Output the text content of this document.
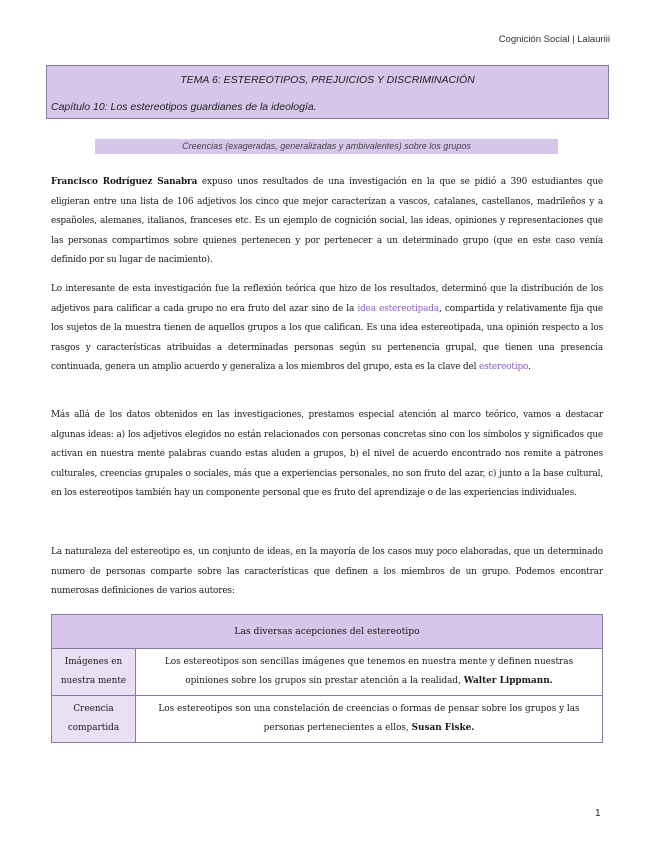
Cognición Social | Lalauriii
TEMA 6: ESTEREOTIPOS, PREJUICIOS Y DISCRIMINACIÓN
Capítulo 10: Los estereotipos guardianes de la ideología.
Creencias (exageradas, generalizadas y ambivalentes) sobre los grupos

Francisco Rodríguez Sanabra expuso unos resultados de una investigación en la que se pidió a 390 estudiantes que eligieran entre una lista de 106 adjetivos los cinco que mejor caracterizan a vascos, catalanes, castellanos, madrileños y a españoles, alemanes, italianos, franceses etc. Es un ejemplo de cognición social, las ideas, opiniones y representaciones que las personas compartimos sobre quienes pertenecen y por pertenecer a un determinado grupo (que en este caso venía definido por su lugar de nacimiento).

Lo interesante de esta investigación fue la reflexión teórica que hizo de los resultados, determinó que la distribución de los adjetivos para calificar a cada grupo no era fruto del azar sino de la idea estereotipada, compartida y relativamente fija que los sujetos de la muestra tienen de aquellos grupos a los que califican. Es una idea estereotipada, una opinión respecto a los rasgos y características atribuidas a determinadas personas según su pertenencia grupal, que tienen una presencia continuada, genera un amplio acuerdo y generaliza a los miembros del grupo, esta es la clave del estereotipo.

Más allá de los datos obtenidos en las investigaciones, prestamos especial atención al marco teórico, vamos a destacar algunas ideas: a) los adjetivos elegidos no están relacionados con personas concretas sino con los símbolos y significados que activan en nuestra mente palabras cuando estas aluden a grupos, b) el nivel de acuerdo encontrado nos remite a patrones culturales, creencias grupales o sociales, más que a experiencias personales, no son fruto del azar, c) junto a la base cultural, en los estereotipos también hay un componente personal que es fruto del aprendizaje o de las experiencias individuales.

La naturaleza del estereotipo es, un conjunto de ideas, en la mayoría de los casos muy poco elaboradas, que un determinado numero de personas comparte sobre las características que definen a los miembros de un grupo. Podemos encontrar numerosas definiciones de varios autores:

Las diversas acepciones del estereotipo	
Imágenes en nuestra mente	Los estereotipos son sencillas imágenes que tenemos en nuestra mente y definen nuestras opiniones sobre los grupos sin prestar atención a la realidad, Walter Lippmann.
Creencia compartida	Los estereotipos son una constelación de creencias o formas de pensar sobre los grupos y las personas pertenecientes a ellos, Susan Fiske.
1
